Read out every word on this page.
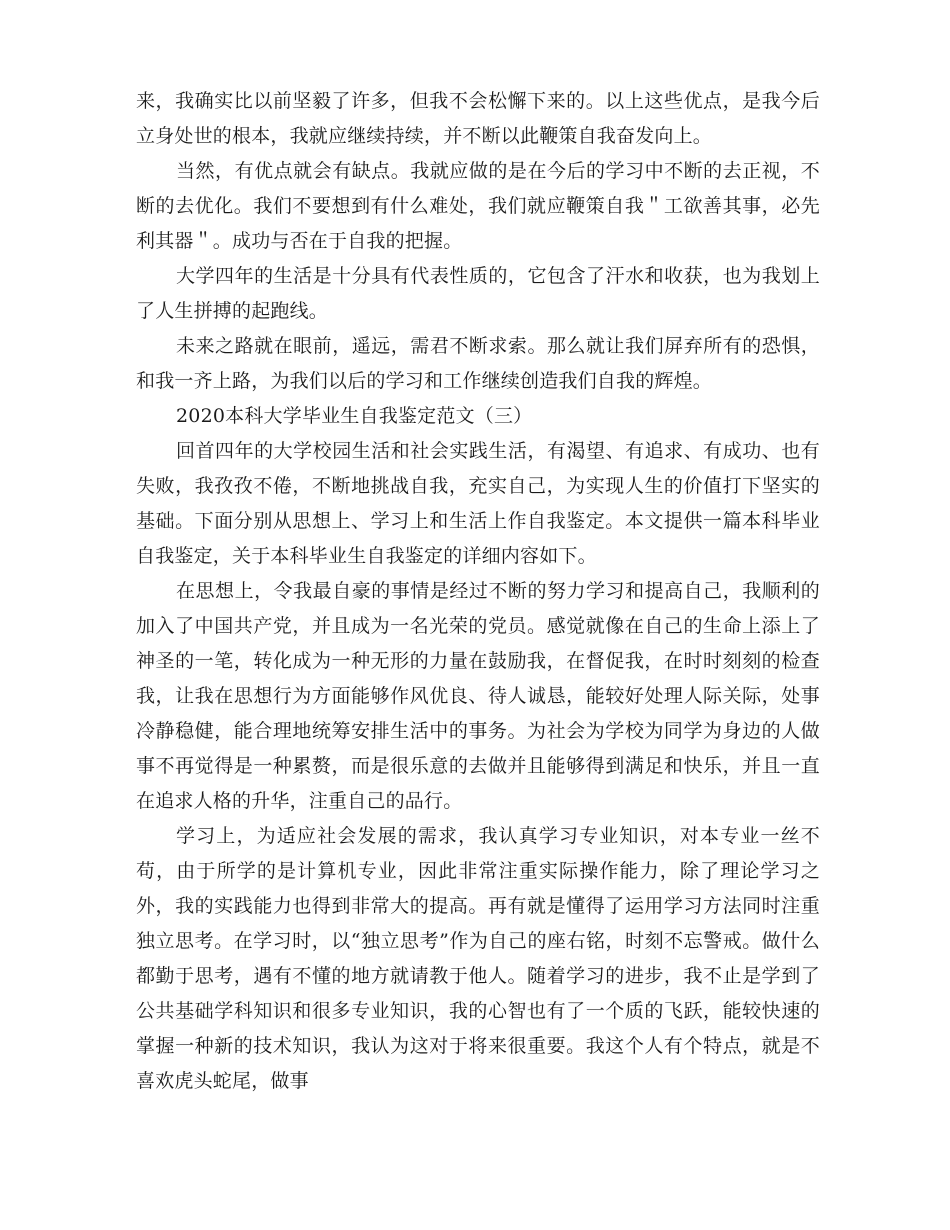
来，我确实比以前坚毅了许多，但我不会松懈下来的。以上这些优点，是我今后立身处世的根本，我就应继续持续，并不断以此鞭策自我奋发向上。

当然，有优点就会有缺点。我就应做的是在今后的学习中不断的去正视，不断的去优化。我们不要想到有什么难处，我们就应鞭策自我＂工欲善其事，必先利其器＂。成功与否在于自我的把握。

大学四年的生活是十分具有代表性质的，它包含了汗水和收获，也为我划上了人生拼搏的起跑线。

未来之路就在眼前，遥远，需君不断求索。那么就让我们屏弃所有的恐惧，和我一齐上路，为我们以后的学习和工作继续创造我们自我的辉煌。

2020本科大学毕业生自我鉴定范文（三）

回首四年的大学校园生活和社会实践生活，有渴望、有追求、有成功、也有失败，我孜孜不倦，不断地挑战自我，充实自己，为实现人生的价值打下坚实的基础。下面分别从思想上、学习上和生活上作自我鉴定。本文提供一篇本科毕业自我鉴定，关于本科毕业生自我鉴定的详细内容如下。

在思想上，令我最自豪的事情是经过不断的努力学习和提高自己，我顺利的加入了中国共产党，并且成为一名光荣的党员。感觉就像在自己的生命上添上了神圣的一笔，转化成为一种无形的力量在鼓励我，在督促我，在时时刻刻的检查我，让我在思想行为方面能够作风优良、待人诚恳，能较好处理人际关际，处事冷静稳健，能合理地统筹安排生活中的事务。为社会为学校为同学为身边的人做事不再觉得是一种累赘，而是很乐意的去做并且能够得到满足和快乐，并且一直在追求人格的升华，注重自己的品行。

学习上，为适应社会发展的需求，我认真学习专业知识，对本专业一丝不苟，由于所学的是计算机专业，因此非常注重实际操作能力，除了理论学习之外，我的实践能力也得到非常大的提高。再有就是懂得了运用学习方法同时注重独立思考。在学习时，以“独立思考”作为自己的座右铭，时刻不忘警戒。做什么都勤于思考，遇有不懂的地方就请教于他人。随着学习的进步，我不止是学到了公共基础学科知识和很多专业知识，我的心智也有了一个质的飞跃，能较快速的掌握一种新的技术知识，我认为这对于将来很重要。我这个人有个特点，就是不喜欢虎头蛇尾，做事
